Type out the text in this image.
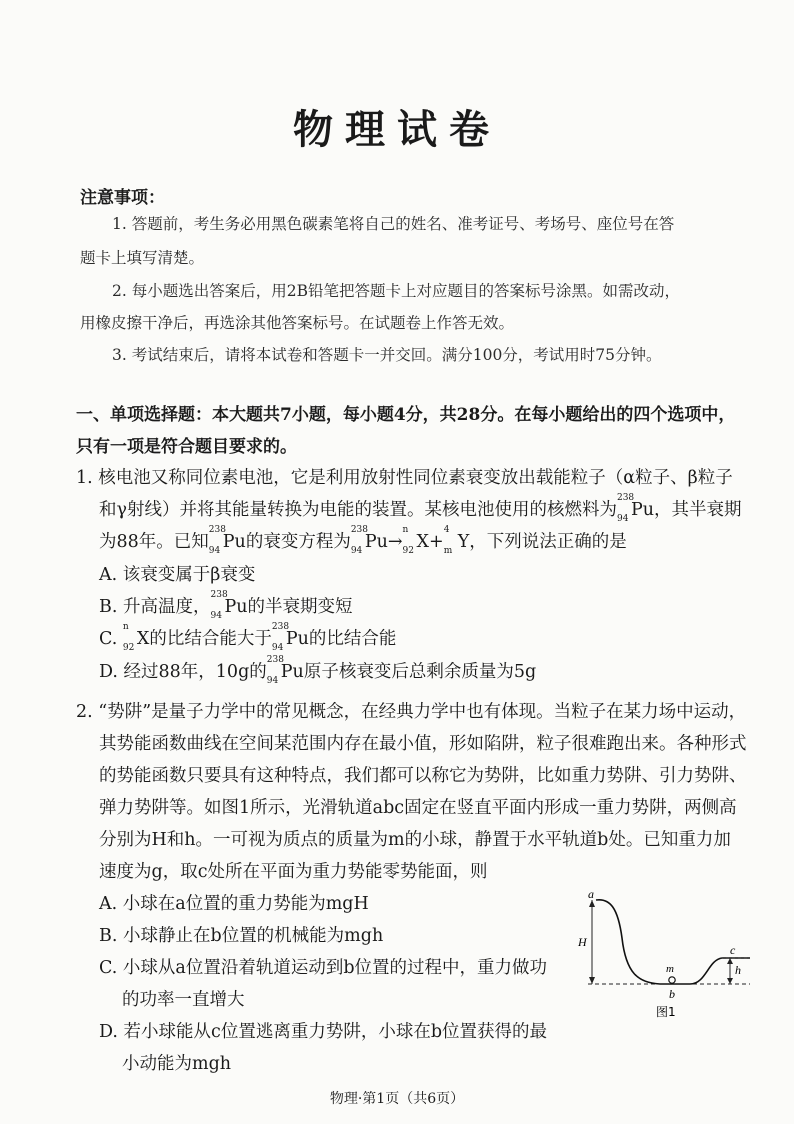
物理试卷
注意事项：
1. 答题前，考生务必用黑色碳素笔将自己的姓名、准考证号、考场号、座位号在答
题卡上填写清楚。
2. 每小题选出答案后，用2B铅笔把答题卡上对应题目的答案标号涂黑。如需改动，
用橡皮擦干净后，再选涂其他答案标号。在试题卷上作答无效。
3. 考试结束后，请将本试卷和答题卡一并交回。满分100分，考试用时75分钟。
一、单项选择题：本大题共7小题，每小题4分，共28分。在每小题给出的四个选项中，
只有一项是符合题目要求的。
1. 核电池又称同位素电池，它是利用放射性同位素衰变放出载能粒子（α粒子、β粒子
和γ射线）并将其能量转换为电能的装置。某核电池使用的核燃料为
238
94 Pu，其半衰期
为88年。已知
238
94 Pu的衰变方程为
238
94 Pu→
n
92 X+
4
m Y，下列说法正确的是
A. 该衰变属于β衰变
B. 升高温度，
238
94 Pu的半衰期变短
C.
n
92 X的比结合能大于
238
94 Pu的比结合能
D. 经过88年，10g的
238
94 Pu原子核衰变后总剩余质量为5g
2. “势阱”是量子力学中的常见概念，在经典力学中也有体现。当粒子在某力场中运动，
其势能函数曲线在空间某范围内存在最小值，形如陷阱，粒子很难跑出来。各种形式
的势能函数只要具有这种特点，我们都可以称它为势阱，比如重力势阱、引力势阱、
弹力势阱等。如图1所示，光滑轨道abc固定在竖直平面内形成一重力势阱，两侧高
分别为H和h。一可视为质点的质量为m的小球，静置于水平轨道b处。已知重力加
速度为g，取c处所在平面为重力势能零势能面，则
A. 小球在a位置的重力势能为mgH
B. 小球静止在b位置的机械能为mgh
C. 小球从a位置沿着轨道运动到b位置的过程中，重力做功
的功率一直增大
D. 若小球能从c位置逃离重力势阱，小球在b位置获得的最
小动能为mgh
a
b
c
m
H
h
图1
物理·第1页（共6页）
